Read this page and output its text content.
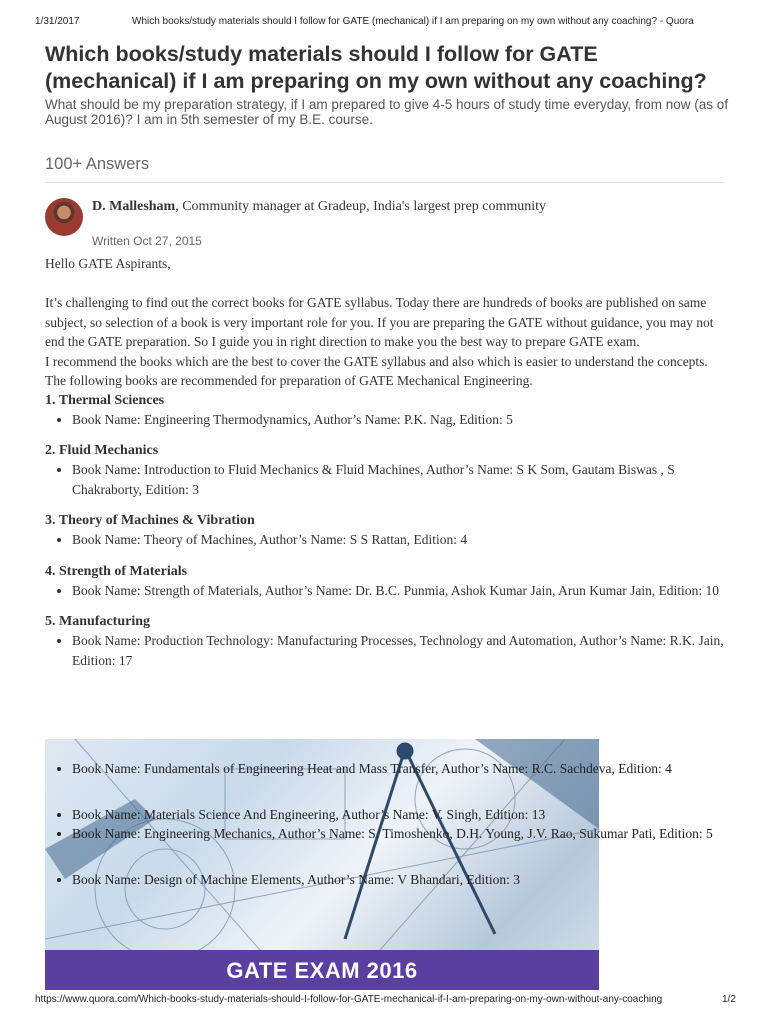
1/31/2017	Which books/study materials should I follow for GATE (mechanical) if I am preparing on my own without any coaching? - Quora
Which books/study materials should I follow for GATE (mechanical) if I am preparing on my own without any coaching?

What should be my preparation strategy, if I am prepared to give 4-5 hours of study time everyday, from now (as of August 2016)? I am in 5th semester of my B.E. course.

100+ Answers
D. Mallesham, Community manager at Gradeup, India's largest prep community
Written Oct 27, 2015

Hello GATE Aspirants,

It’s challenging to find out the correct books for GATE syllabus. Today there are hundreds of books are published on same subject, so selection of a book is very important role for you. If you are preparing the GATE without guidance, you may not end the GATE preparation. So I guide you in right direction to make you the best way to prepare GATE exam.

I recommend the books which are the best to cover the GATE syllabus and also which is easier to understand the concepts.

The following books are recommended for preparation of GATE Mechanical Engineering.

1. Thermal Sciences
• Book Name: Engineering Thermodynamics, Author’s Name: P.K. Nag, Edition: 5
2. Fluid Mechanics
• Book Name: Introduction to Fluid Mechanics & Fluid Machines, Author’s Name: S K Som, Gautam Biswas , S Chakraborty, Edition: 3
3. Theory of Machines & Vibration
• Book Name: Theory of Machines, Author’s Name: S S Rattan, Edition: 4
4. Strength of Materials
• Book Name: Strength of Materials, Author’s Name: Dr. B.C. Punmia, Ashok Kumar Jain, Arun Kumar Jain, Edition: 10
5. Manufacturing
• Book Name: Production Technology: Manufacturing Processes, Technology and Automation, Author’s Name: R.K. Jain, Edition: 17
GATE EXAM 2016
• Book Name: Fundamentals of Engineering Heat and Mass Transfer, Author’s Name: R.C. Sachdeva, Edition: 4
• Book Name: Materials Science And Engineering, Author’s Name: V. Singh, Edition: 13
• Book Name: Engineering Mechanics, Author’s Name: S. Timoshenko, D.H. Young, J.V. Rao, Sukumar Pati, Edition: 5
• Book Name: Design of Machine Elements, Author’s Name: V Bhandari, Edition: 3
https://www.quora.com/Which-books-study-materials-should-I-follow-for-GATE-mechanical-if-I-am-preparing-on-my-own-without-any-coaching	1/2
